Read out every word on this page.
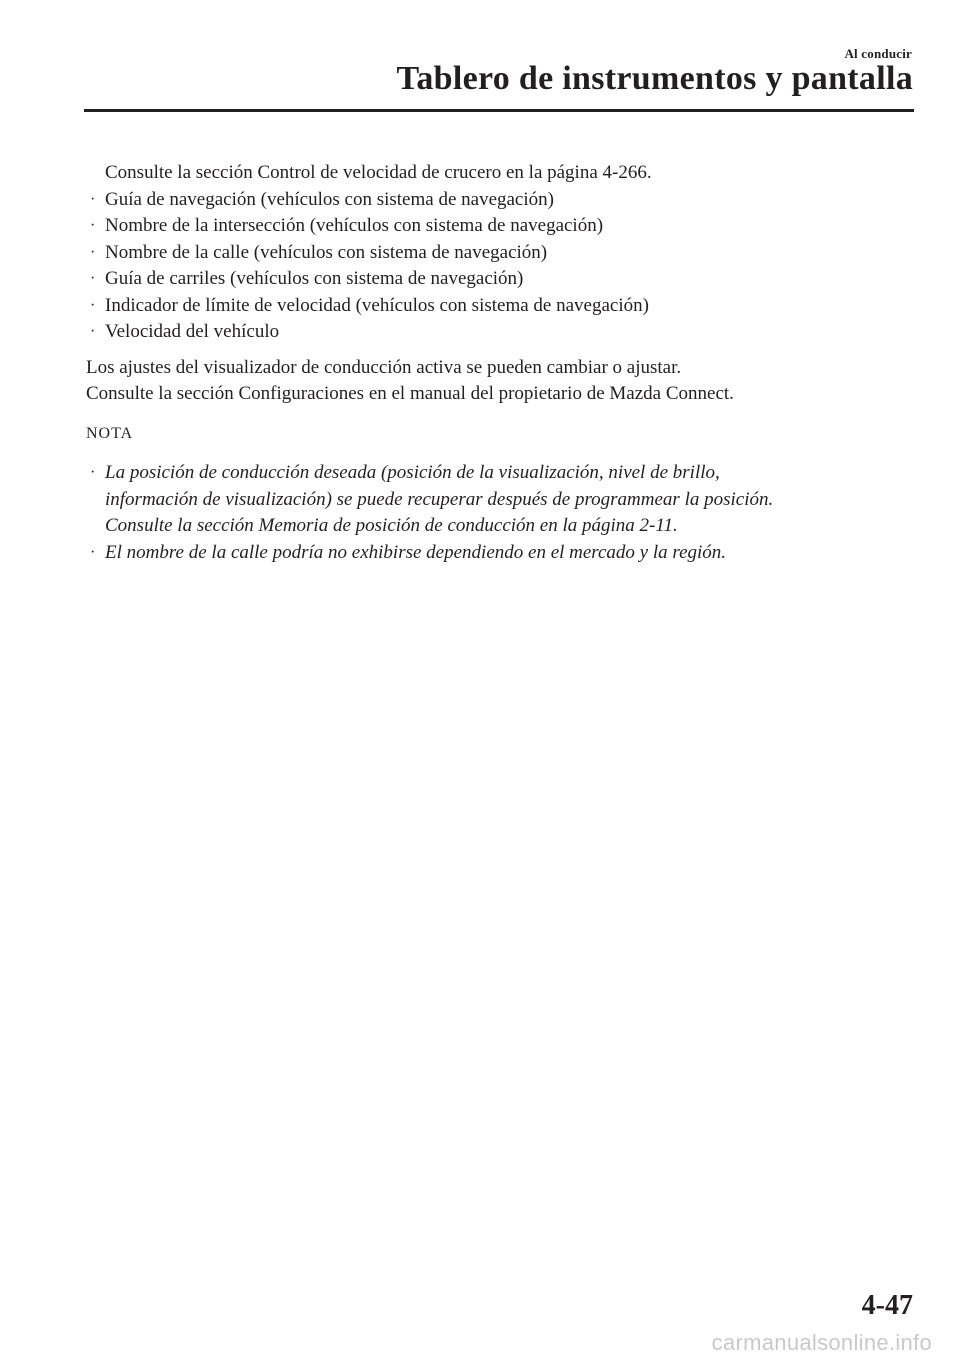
Al conducir
Tablero de instrumentos y pantalla
Consulte la sección Control de velocidad de crucero en la página 4-266.
· Guía de navegación (vehículos con sistema de navegación)
· Nombre de la intersección (vehículos con sistema de navegación)
· Nombre de la calle (vehículos con sistema de navegación)
· Guía de carriles (vehículos con sistema de navegación)
· Indicador de límite de velocidad (vehículos con sistema de navegación)
· Velocidad del vehículo
Los ajustes del visualizador de conducción activa se pueden cambiar o ajustar.
Consulte la sección Configuraciones en el manual del propietario de Mazda Connect.
NOTA
· La posición de conducción deseada (posición de la visualización, nivel de brillo,
información de visualización) se puede recuperar después de programmear la posición.
Consulte la sección Memoria de posición de conducción en la página 2-11.
· El nombre de la calle podría no exhibirse dependiendo en el mercado y la región.
4-47
carmanualsonline.info
